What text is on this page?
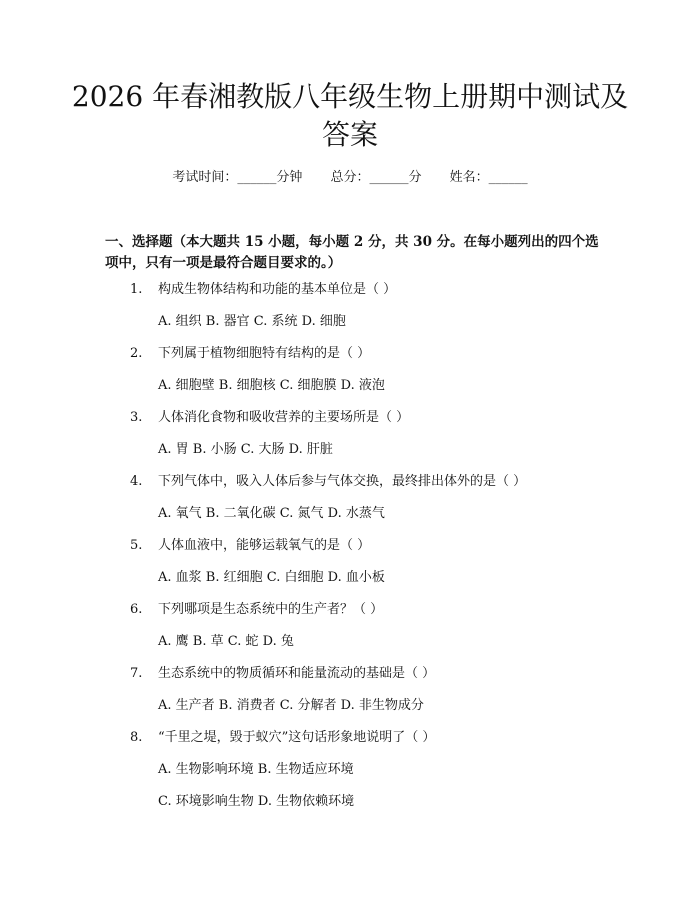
2026 年春湘教版八年级生物上册期中测试及答案
考试时间：______分钟 总分：______分 姓名：______

一、选择题（本大题共 15 小题，每小题 2 分，共 30 分。在每小题列出的四个选项中，只有一项是最符合题目要求的。）

1. 构成生物体结构和功能的基本单位是（ ）
A. 组织 B. 器官 C. 系统 D. 细胞
2. 下列属于植物细胞特有结构的是（ ）
A. 细胞壁 B. 细胞核 C. 细胞膜 D. 液泡
3. 人体消化食物和吸收营养的主要场所是（ ）
A. 胃 B. 小肠 C. 大肠 D. 肝脏
4. 下列气体中，吸入人体后参与气体交换，最终排出体外的是（ ）
A. 氧气 B. 二氧化碳 C. 氮气 D. 水蒸气
5. 人体血液中，能够运载氧气的是（ ）
A. 血浆 B. 红细胞 C. 白细胞 D. 血小板
6. 下列哪项是生态系统中的生产者？（ ）
A. 鹰 B. 草 C. 蛇 D. 兔
7. 生态系统中的物质循环和能量流动的基础是（ ）
A. 生产者 B. 消费者 C. 分解者 D. 非生物成分
8. “千里之堤，毁于蚁穴”这句话形象地说明了（ ）
A. 生物影响环境 B. 生物适应环境
C. 环境影响生物 D. 生物依赖环境
